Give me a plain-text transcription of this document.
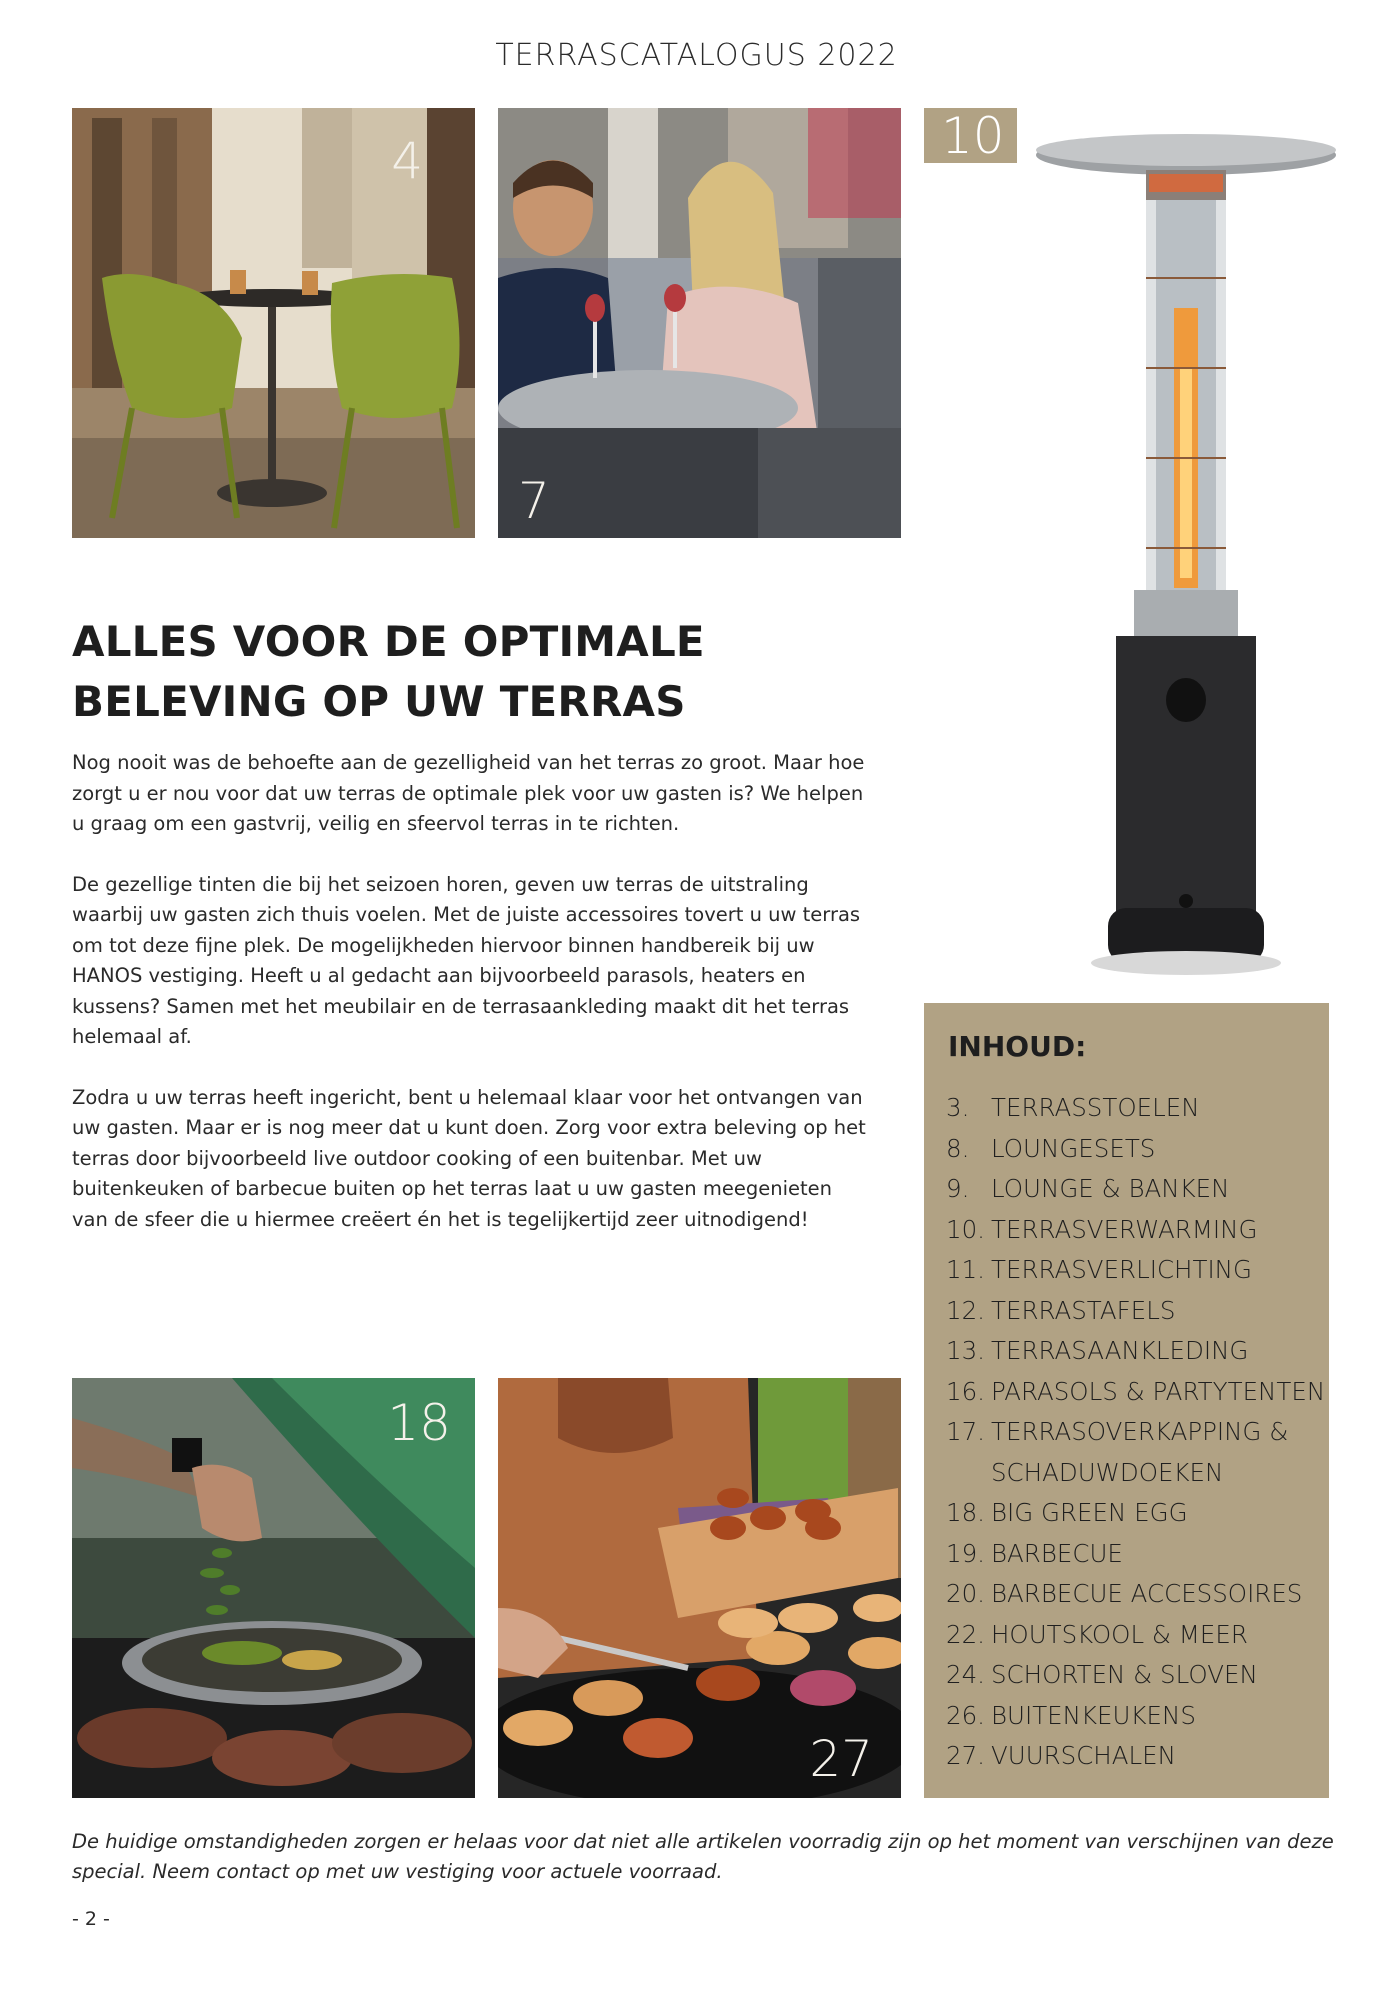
TERRASCATALOGUS 2022
4
7
10
ALLES VOOR DE OPTIMALE
BELEVING OP UW TERRAS

Nog nooit was de behoefte aan de gezelligheid van het terras zo groot. Maar hoe zorgt u er nou voor dat uw terras de optimale plek voor uw gasten is? We helpen u graag om een gastvrij, veilig en sfeervol terras in te richten.

De gezellige tinten die bij het seizoen horen, geven uw terras de uitstraling waarbij uw gasten zich thuis voelen. Met de juiste accessoires tovert u uw terras om tot deze fijne plek. De mogelijkheden hiervoor binnen handbereik bij uw HANOS vestiging. Heeft u al gedacht aan bijvoorbeeld parasols, heaters en kussens? Samen met het meubilair en de terrasaankleding maakt dit het terras helemaal af.

Zodra u uw terras heeft ingericht, bent u helemaal klaar voor het ontvangen van uw gasten. Maar er is nog meer dat u kunt doen. Zorg voor extra beleving op het terras door bijvoorbeeld live outdoor cooking of een buitenbar. Met uw buitenkeuken of barbecue buiten op het terras laat u uw gasten meegenieten van de sfeer die u hiermee creëert én het is tegelijkertijd zeer uitnodigend!

18
27
INHOUD:
3. TERRASSTOELEN
8. LOUNGESETS
9. LOUNGE & BANKEN
10. TERRASVERWARMING
11. TERRASVERLICHTING
12. TERRASTAFELS
13. TERRASAANKLEDING
16. PARASOLS & PARTYTENTEN
17. TERRASOVERKAPPING & SCHADUWDOEKEN
18. BIG GREEN EGG
19. BARBECUE
20. BARBECUE ACCESSOIRES
22. HOUTSKOOL & MEER
24. SCHORTEN & SLOVEN
26. BUITENKEUKENS
27. VUURSCHALEN
De huidige omstandigheden zorgen er helaas voor dat niet alle artikelen voorradig zijn op het moment van verschijnen van deze special. Neem contact op met uw vestiging voor actuele voorraad.
- 2 -
